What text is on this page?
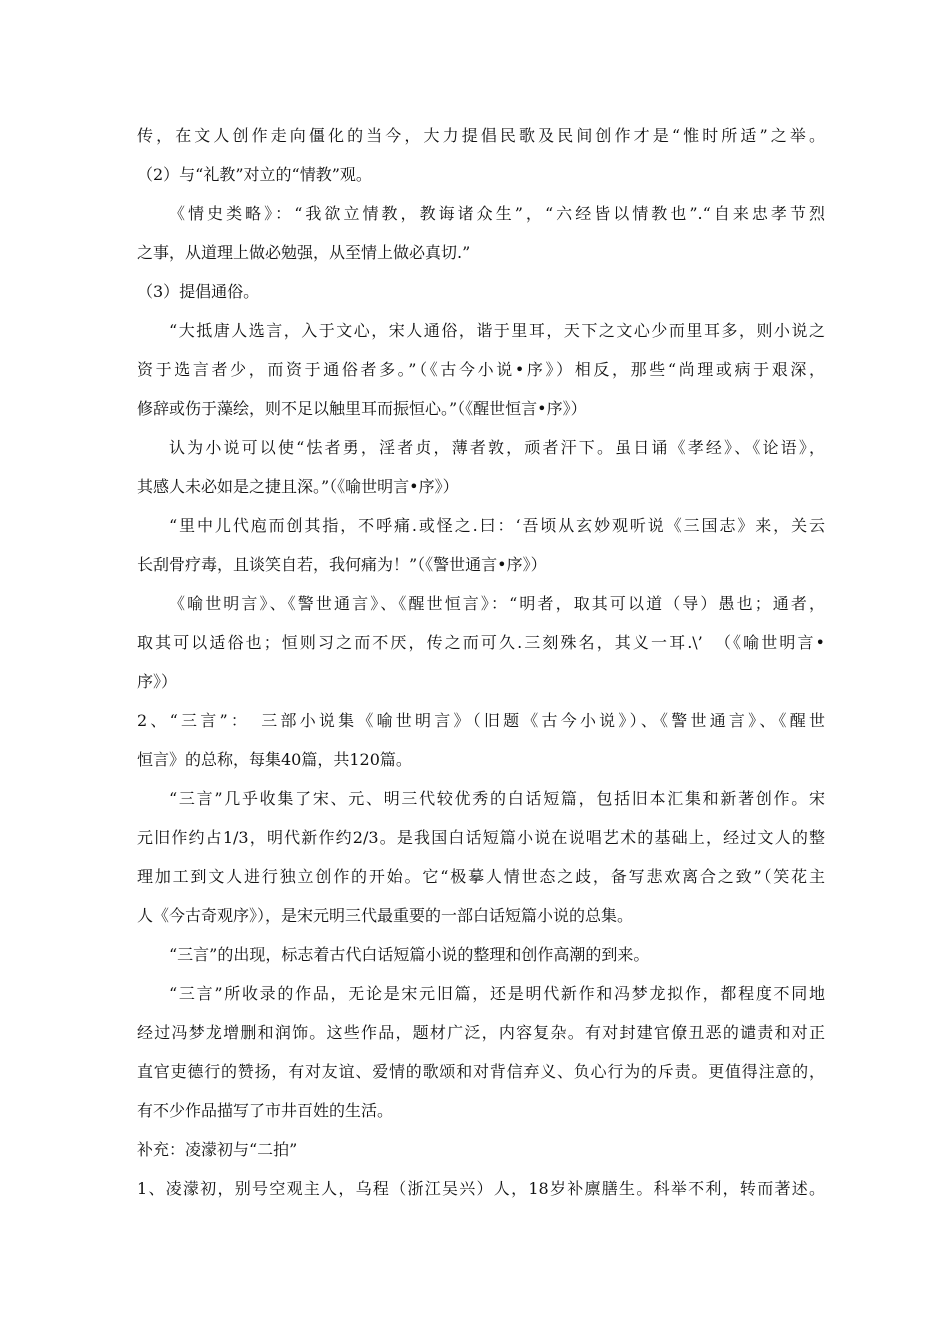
传，在文人创作走向僵化的当今，大力提倡民歌及民间创作才是“惟时所适”之举。
（2）与“礼教”对立的“情教”观。
《情史类略》：“我欲立情教，教诲诸众生”，“六经皆以情教也”.“自来忠孝节烈
之事，从道理上做必勉强，从至情上做必真切.”
（3）提倡通俗。
“大抵唐人选言，入于文心，宋人通俗，谐于里耳，天下之文心少而里耳多，则小说之
资于选言者少，而资于通俗者多。”（《古今小说•序》）相反，那些“尚理或病于艰深，
修辞或伤于藻绘，则不足以触里耳而振恒心。”（《醒世恒言•序》）
认为小说可以使“怯者勇，淫者贞，薄者敦，顽者汗下。虽日诵《孝经》、《论语》，
其感人未必如是之捷且深。”（《喻世明言•序》）
“里中儿代庖而创其指，不呼痛.或怪之.曰：‘吾顷从玄妙观听说《三国志》来，关云
长刮骨疗毒，且谈笑自若，我何痛为！”（《警世通言•序》）
《喻世明言》、《警世通言》、《醒世恒言》：“明者，取其可以道（导）愚也；通者，
取其可以适俗也；恒则习之而不厌，传之而可久.三刻殊名，其义一耳.\’　（《喻世明言•
序》）
2、“三言”：　三部小说集《喻世明言》（旧题《古今小说》）、《警世通言》、《醒世
恒言》的总称，每集40篇，共120篇。
“三言”几乎收集了宋、元、明三代较优秀的白话短篇，包括旧本汇集和新著创作。宋
元旧作约占1/3，明代新作约2/3。是我国白话短篇小说在说唱艺术的基础上，经过文人的整
理加工到文人进行独立创作的开始。它“极摹人情世态之歧，备写悲欢离合之致”（笑花主
人《今古奇观序》），是宋元明三代最重要的一部白话短篇小说的总集。
“三言”的出现，标志着古代白话短篇小说的整理和创作高潮的到来。
“三言”所收录的作品，无论是宋元旧篇，还是明代新作和冯梦龙拟作，都程度不同地
经过冯梦龙增删和润饰。这些作品，题材广泛，内容复杂。有对封建官僚丑恶的谴责和对正
直官吏德行的赞扬，有对友谊、爱情的歌颂和对背信弃义、负心行为的斥责。更值得注意的，
有不少作品描写了市井百姓的生活。
补充：凌濛初与“二拍”
1、凌濛初，别号空观主人，乌程（浙江吴兴）人，18岁补廪膳生。科举不利，转而著述。
